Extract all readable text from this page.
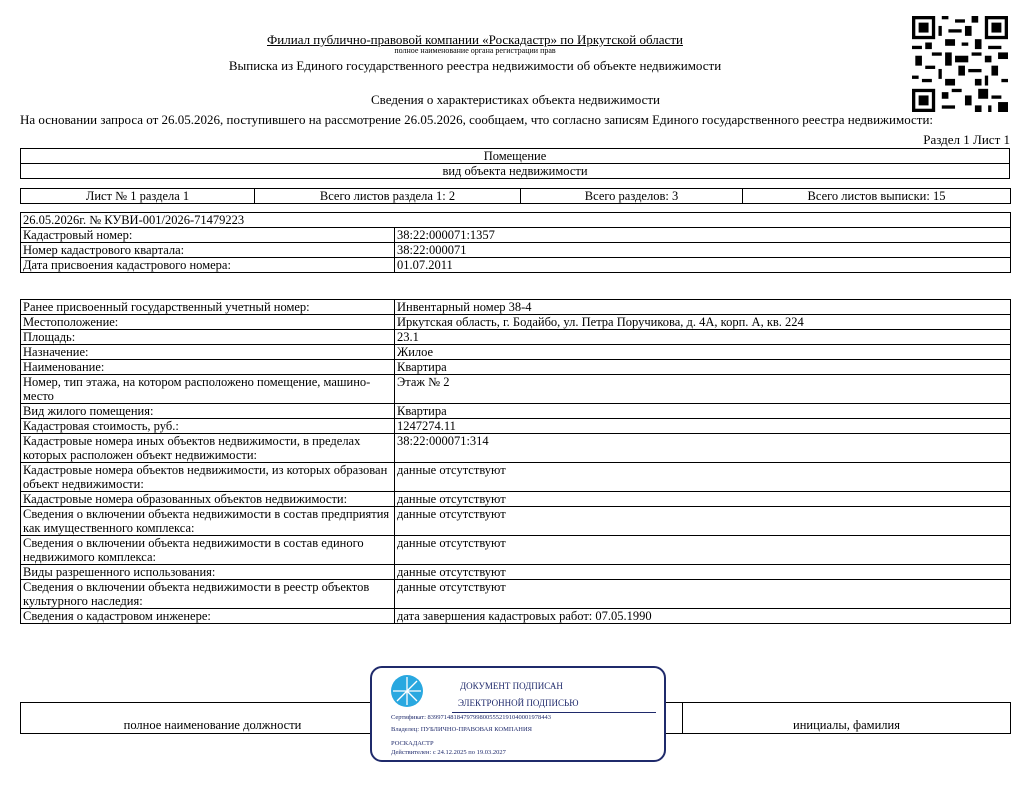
Филиал публично-правовой компании «Роскадастр» по Иркутской области
полное наименование органа регистрации прав
Выписка из Единого государственного реестра недвижимости об объекте недвижимости
Сведения о характеристиках объекта недвижимости
На основании запроса от 26.05.2026, поступившего на рассмотрение 26.05.2026, сообщаем, что согласно записям Единого государственного реестра недвижимости:
Раздел 1 Лист 1
Помещение
вид объекта недвижимости
Лист № 1 раздела 1	Всего листов раздела 1: 2	Всего разделов: 3	Всего листов выписки: 15
26.05.2026г. № КУВИ-001/2026-71479223	
Кадастровый номер:	38:22:000071:1357
Номер кадастрового квартала:	38:22:000071
Дата присвоения кадастрового номера:	01.07.2011
Ранее присвоенный государственный учетный номер:	Инвентарный номер 38-4
Местоположение:	Иркутская область, г. Бодайбо, ул. Петра Поручикова, д. 4А, корп. А, кв. 224
Площадь:	23.1
Назначение:	Жилое
Наименование:	Квартира
Номер, тип этажа, на котором расположено помещение, машино-место	Этаж № 2
Вид жилого помещения:	Квартира
Кадастровая стоимость, руб.:	1247274.11
Кадастровые номера иных объектов недвижимости, в пределах которых расположен объект недвижимости:	38:22:000071:314
Кадастровые номера объектов недвижимости, из которых образован объект недвижимости:	данные отсутствуют
Кадастровые номера образованных объектов недвижимости:	данные отсутствуют
Сведения о включении объекта недвижимости в состав предприятия как имущественного комплекса:	данные отсутствуют
Сведения о включении объекта недвижимости в состав единого недвижимого комплекса:	данные отсутствуют
Виды разрешенного использования:	данные отсутствуют
Сведения о включении объекта недвижимости в реестр объектов культурного наследия:	данные отсутствуют
Сведения о кадастровом инженере:	дата завершения кадастровых работ: 07.05.1990

полное наименование должности		инициалы, фамилия
ДОКУМЕНТ ПОДПИСАН
ЭЛЕКТРОННОЙ ПОДПИСЬЮ
Сертификат: 83997148184797998005552191040001978443
Владелец: ПУБЛИЧНО-ПРАВОВАЯ КОМПАНИЯ
РОСКАДАСТР
Действителен: с 24.12.2025 по 19.03.2027
